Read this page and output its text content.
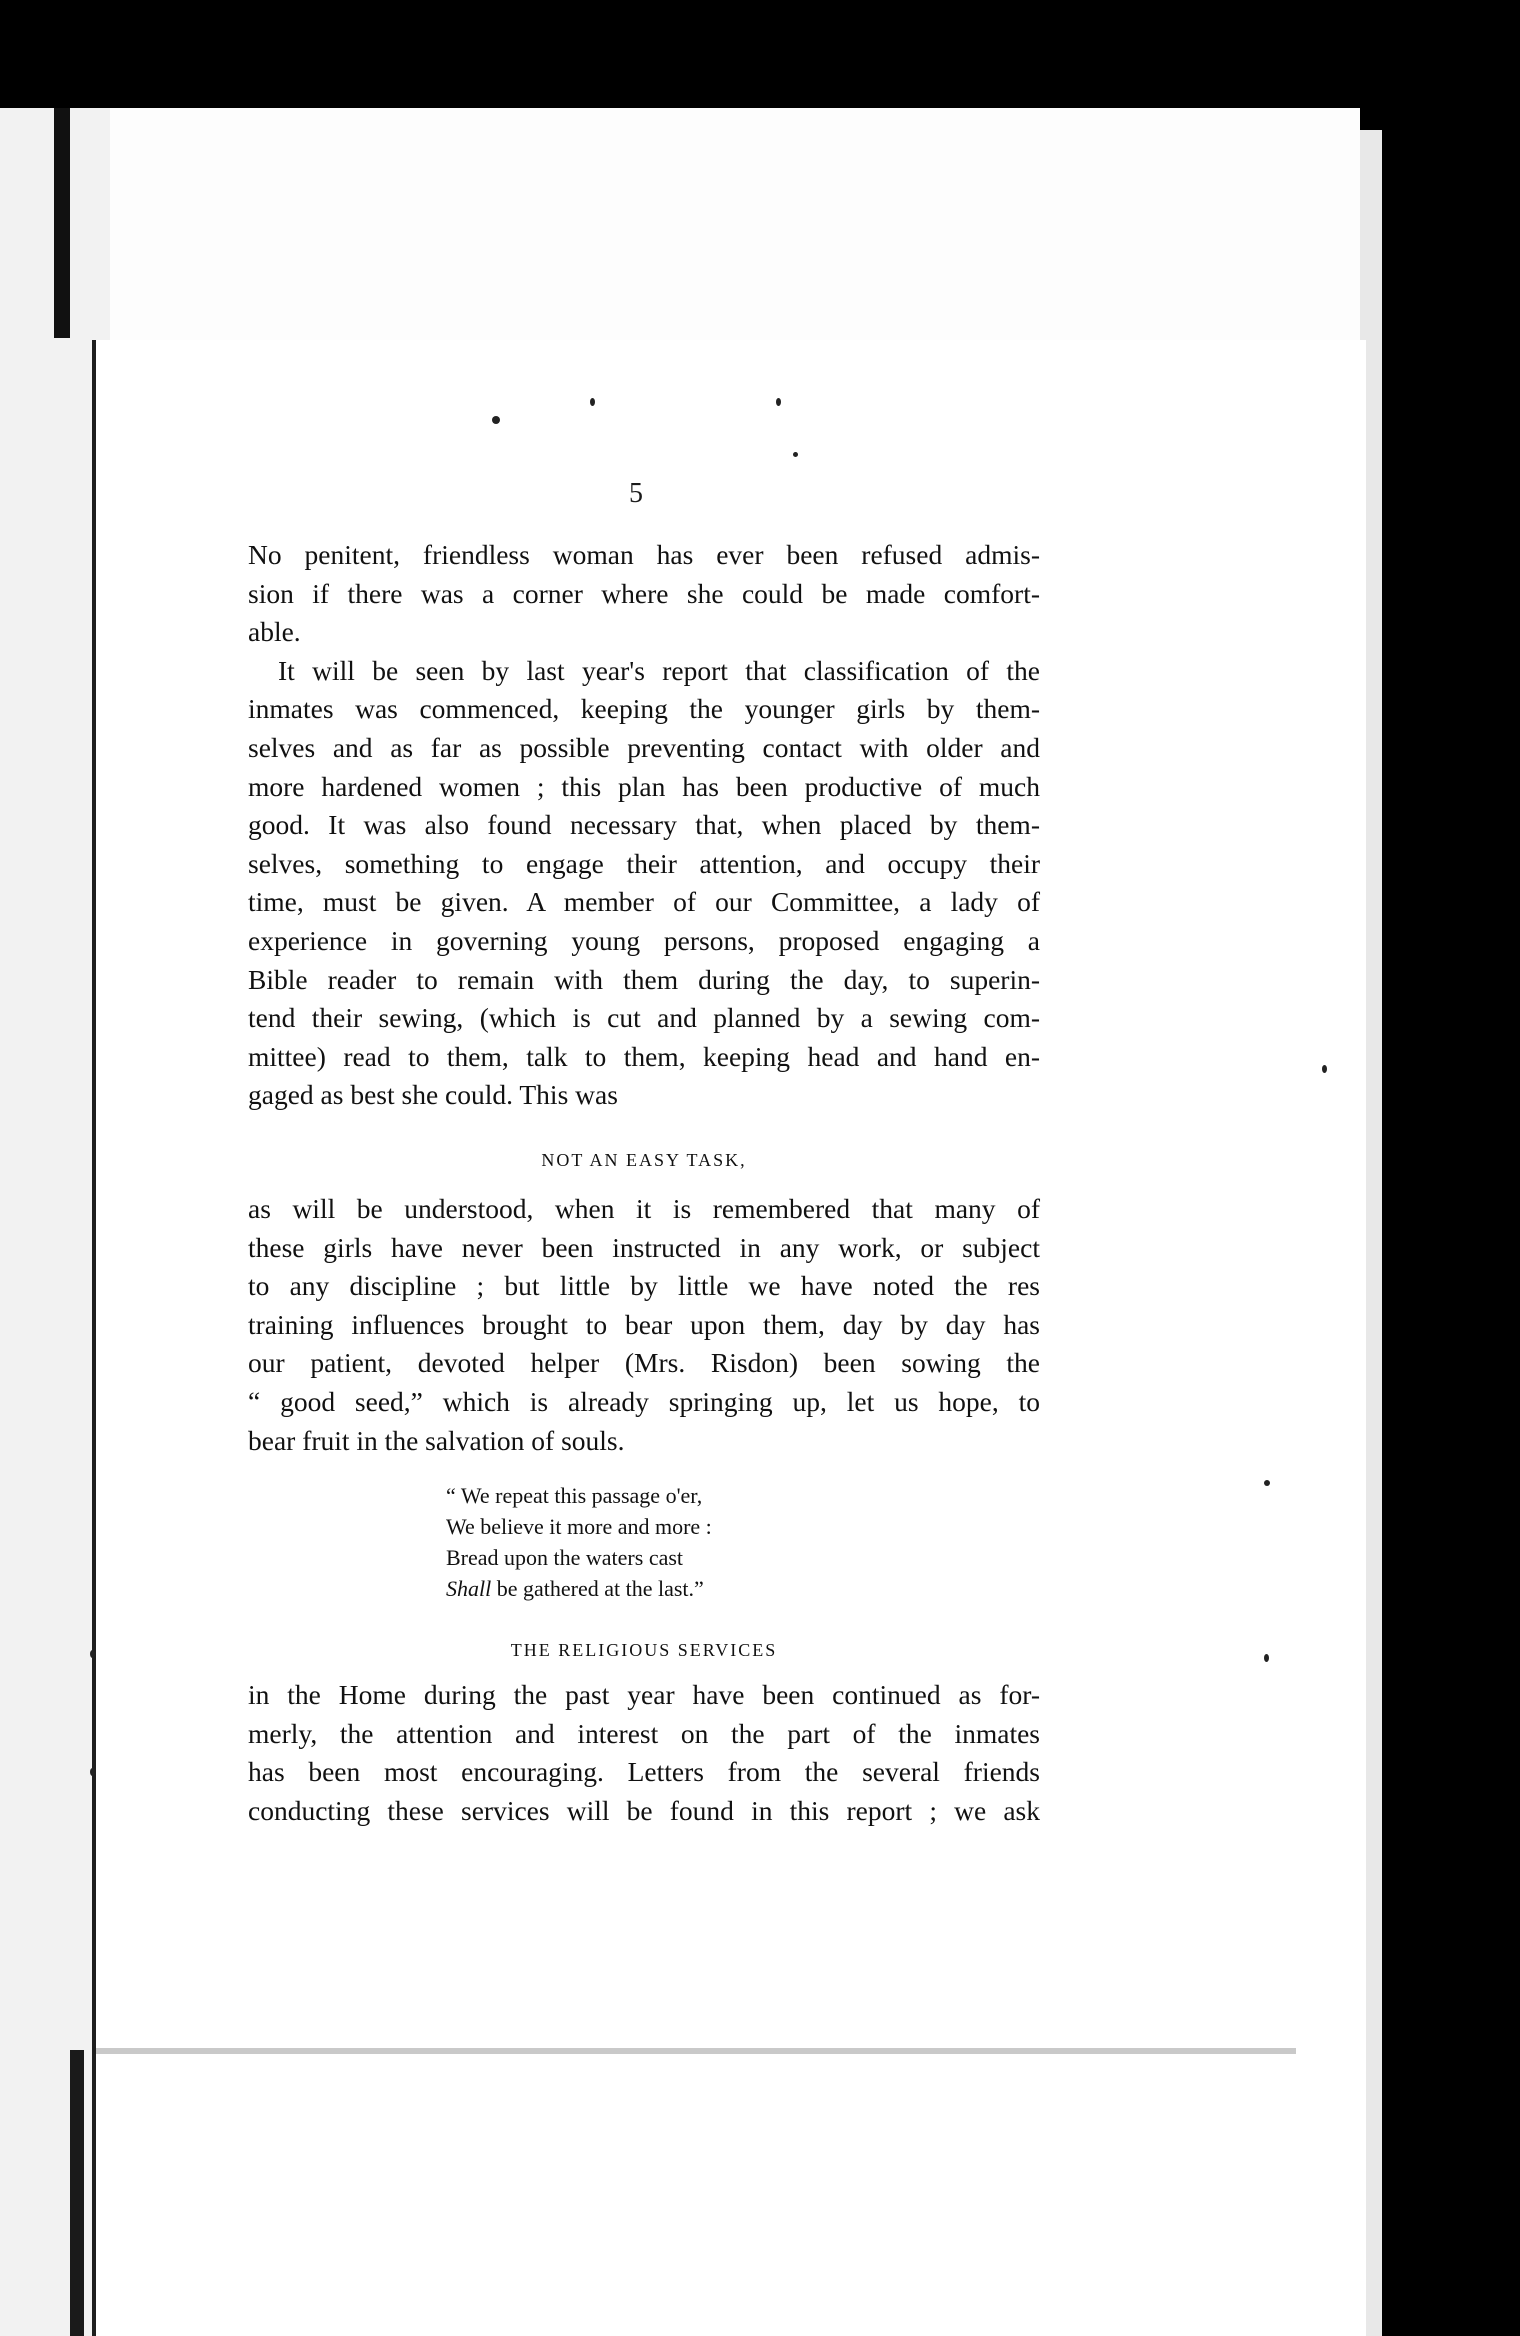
5

No penitent, friendless woman has ever been refused admis-
sion if there was a corner where she could be made comfort-
able.

It will be seen by last year's report that classification of the
inmates was commenced, keeping the younger girls by them-
selves and as far as possible preventing contact with older and
more hardened women ; this plan has been productive of much
good. It was also found necessary that, when placed by them-
selves, something to engage their attention, and occupy their
time, must be given. A member of our Committee, a lady of
experience in governing young persons, proposed engaging a
Bible reader to remain with them during the day, to superin-
tend their sewing, (which is cut and planned by a sewing com-
mittee) read to them, talk to them, keeping head and hand en-
gaged as best she could. This was

NOT AN EASY TASK,

as will be understood, when it is remembered that many of
these girls have never been instructed in any work, or subject
to any discipline ; but little by little we have noted the res
training influences brought to bear upon them, day by day has
our patient, devoted helper (Mrs. Risdon) been sowing the
“ good seed,” which is already springing up, let us hope, to
bear fruit in the salvation of souls.

“ We repeat this passage o'er,
We believe it more and more :
Bread upon the waters cast
Shall be gathered at the last.”
THE RELIGIOUS SERVICES

in the Home during the past year have been continued as for-
merly, the attention and interest on the part of the inmates
has been most encouraging. Letters from the several friends
conducting these services will be found in this report ; we ask
